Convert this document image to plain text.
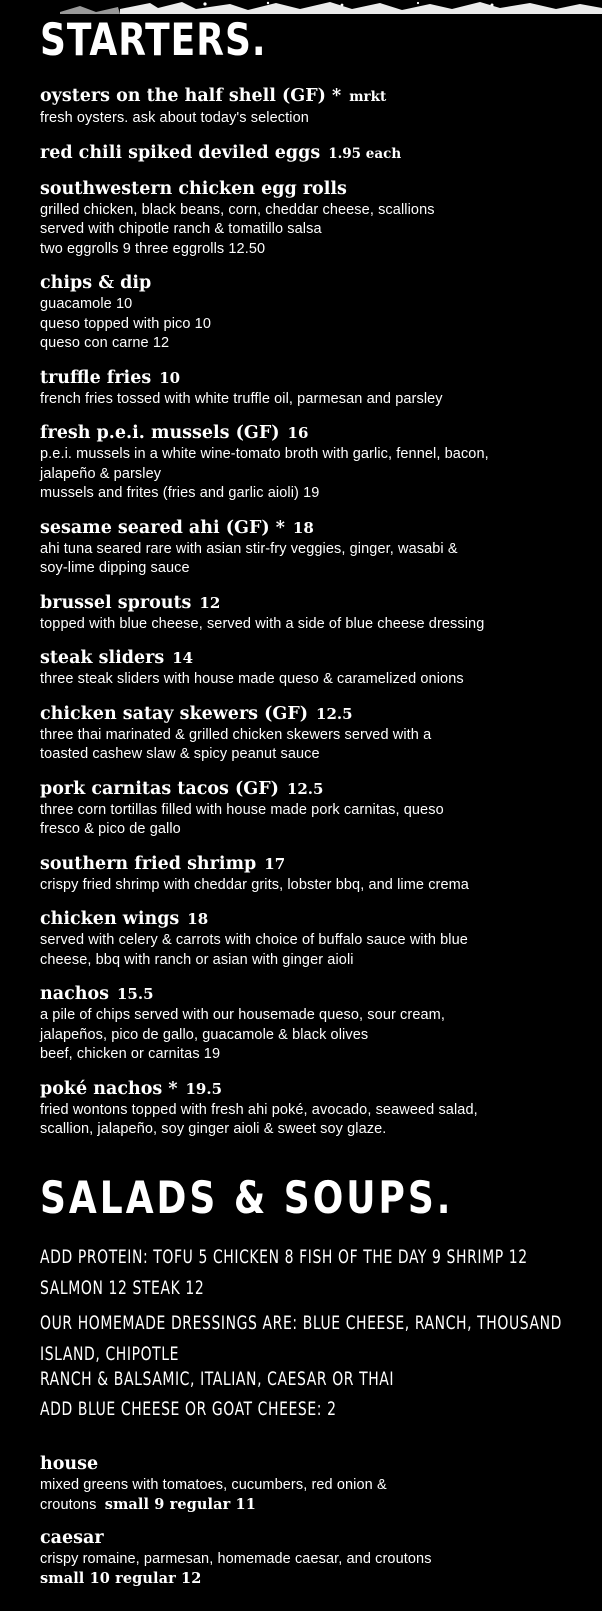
STARTERS.
oysters on the half shell (GF) * mrkt
fresh oysters. ask about today's selection
red chili spiked deviled eggs 1.95 each
southwestern chicken egg rolls
grilled chicken, black beans, corn, cheddar cheese, scallions
served with chipotle ranch & tomatillo salsa
two eggrolls 9 three eggrolls 12.50
chips & dip
guacamole 10
queso topped with pico 10
queso con carne 12
truffle fries 10
french fries tossed with white truffle oil, parmesan and parsley
fresh p.e.i. mussels (GF) 16
p.e.i. mussels in a white wine-tomato broth with garlic, fennel, bacon,
jalapeño & parsley
mussels and frites (fries and garlic aioli) 19
sesame seared ahi (GF) * 18
ahi tuna seared rare with asian stir-fry veggies, ginger, wasabi &
soy-lime dipping sauce
brussel sprouts 12
topped with blue cheese, served with a side of blue cheese dressing
steak sliders 14
three steak sliders with house made queso & caramelized onions
chicken satay skewers (GF) 12.5
three thai marinated & grilled chicken skewers served with a
toasted cashew slaw & spicy peanut sauce
pork carnitas tacos (GF) 12.5
three corn tortillas filled with house made pork carnitas, queso
fresco & pico de gallo
southern fried shrimp 17
crispy fried shrimp with cheddar grits, lobster bbq, and lime crema
chicken wings 18
served with celery & carrots with choice of buffalo sauce with blue
cheese, bbq with ranch or asian with ginger aioli
nachos 15.5
a pile of chips served with our housemade queso, sour cream,
jalapeños, pico de gallo, guacamole & black olives
beef, chicken or carnitas 19
poké nachos * 19.5
fried wontons topped with fresh ahi poké, avocado, seaweed salad,
scallion, jalapeño, soy ginger aioli & sweet soy glaze.
SALADS & SOUPS.
ADD PROTEIN: TOFU 5 CHICKEN 8 FISH OF THE DAY 9 SHRIMP 12 SALMON 12 STEAK 12
OUR HOMEMADE DRESSINGS ARE: BLUE CHEESE, RANCH, THOUSAND ISLAND, CHIPOTLE
RANCH & BALSAMIC, ITALIAN, CAESAR OR THAI
ADD BLUE CHEESE OR GOAT CHEESE: 2
house
mixed greens with tomatoes, cucumbers, red onion &
croutons small 9 regular 11
caesar
crispy romaine, parmesan, homemade caesar, and croutons
small 10 regular 12
